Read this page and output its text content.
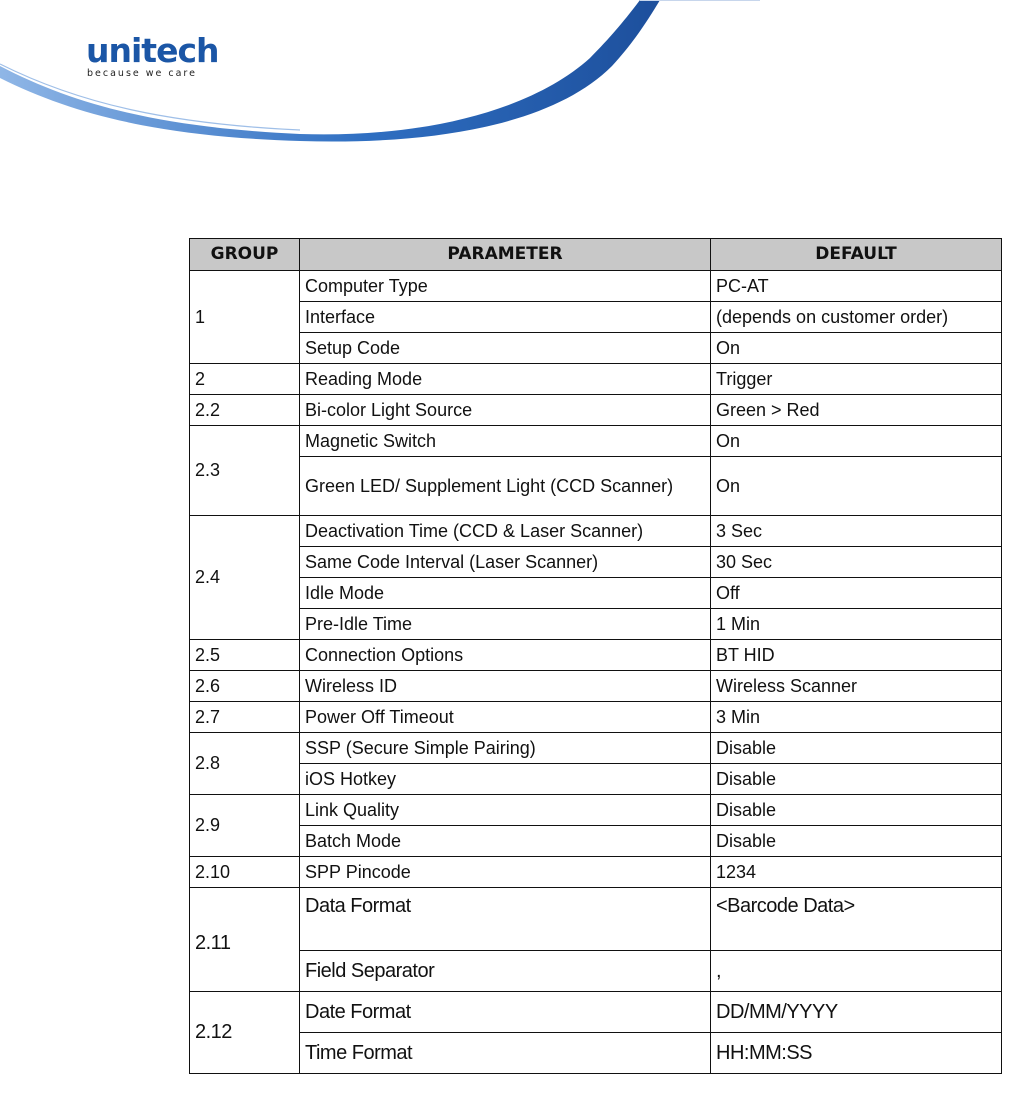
unitech
because we care
GROUP	PARAMETER	DEFAULT
1	Computer Type	PC-AT
	Interface	(depends on customer order)
	Setup Code	On
2	Reading Mode	Trigger
2.2	Bi-color Light Source	Green > Red
2.3	Magnetic Switch	On
	Green LED/ Supplement Light (CCD Scanner)	On
2.4	Deactivation Time (CCD & Laser Scanner)	3 Sec
	Same Code Interval (Laser Scanner)	30 Sec
	Idle Mode	Off
	Pre-Idle Time	1 Min
2.5	Connection Options	BT HID
2.6	Wireless ID	Wireless Scanner
2.7	Power Off Timeout	3 Min
2.8	SSP (Secure Simple Pairing)	Disable
	iOS Hotkey	Disable
2.9	Link Quality	Disable
	Batch Mode	Disable
2.10	SPP Pincode	1234
2.11	Data Format	<Barcode Data>
	Field Separator	,
2.12	Date Format	DD/MM/YYYY
	Time Format	HH:MM:SS
